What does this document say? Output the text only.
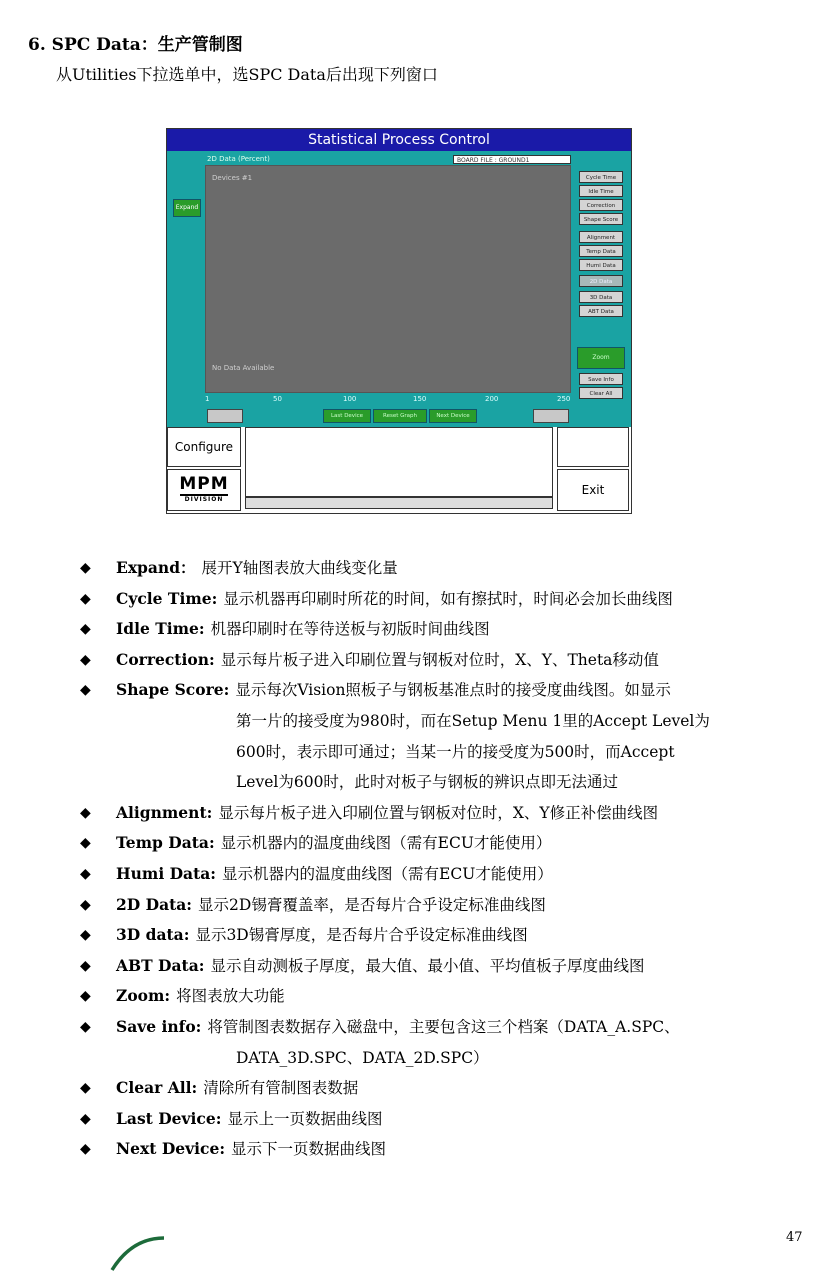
6. SPC Data：生产管制图
从Utilities下拉选单中，选SPC Data后出现下列窗口
Statistical Process Control
2D Data (Percent)	BOARD FILE : GROUND1
Expand
Devices #1
No Data Available
Cycle Time
Idle Time
Correction
Shape Score
Alignment
Temp Data
Humi Data
2D Data
3D Data
ABT Data
Zoom
Save Info
Clear All
1	50	100	150	200	250
Last Device	Reset Graph	Next Device
Configure
MPM
DIVISION
Exit
◆ Expand： 展开Y轴图表放大曲线变化量
◆ Cycle Time: 显示机器再印刷时所花的时间，如有擦拭时，时间必会加长曲线图
◆ Idle Time: 机器印刷时在等待送板与初版时间曲线图
◆ Correction: 显示每片板子进入印刷位置与钢板对位时，X、Y、Theta移动值
◆ Shape Score: 显示每次Vision照板子与钢板基准点时的接受度曲线图。如显示
第一片的接受度为980时，而在Setup Menu 1里的Accept Level为
600时，表示即可通过；当某一片的接受度为500时，而Accept
Level为600时，此时对板子与钢板的辨识点即无法通过
◆ Alignment: 显示每片板子进入印刷位置与钢板对位时，X、Y修正补偿曲线图
◆ Temp Data: 显示机器内的温度曲线图（需有ECU才能使用）
◆ Humi Data: 显示机器内的温度曲线图（需有ECU才能使用）
◆ 2D Data: 显示2D锡膏覆盖率，是否每片合乎设定标准曲线图
◆ 3D data: 显示3D锡膏厚度，是否每片合乎设定标准曲线图
◆ ABT Data: 显示自动测板子厚度，最大值、最小值、平均值板子厚度曲线图
◆ Zoom: 将图表放大功能
◆ Save info: 将管制图表数据存入磁盘中，主要包含这三个档案（DATA_A.SPC、
DATA_3D.SPC、DATA_2D.SPC）
◆ Clear All: 清除所有管制图表数据
◆ Last Device: 显示上一页数据曲线图
◆ Next Device: 显示下一页数据曲线图
47
